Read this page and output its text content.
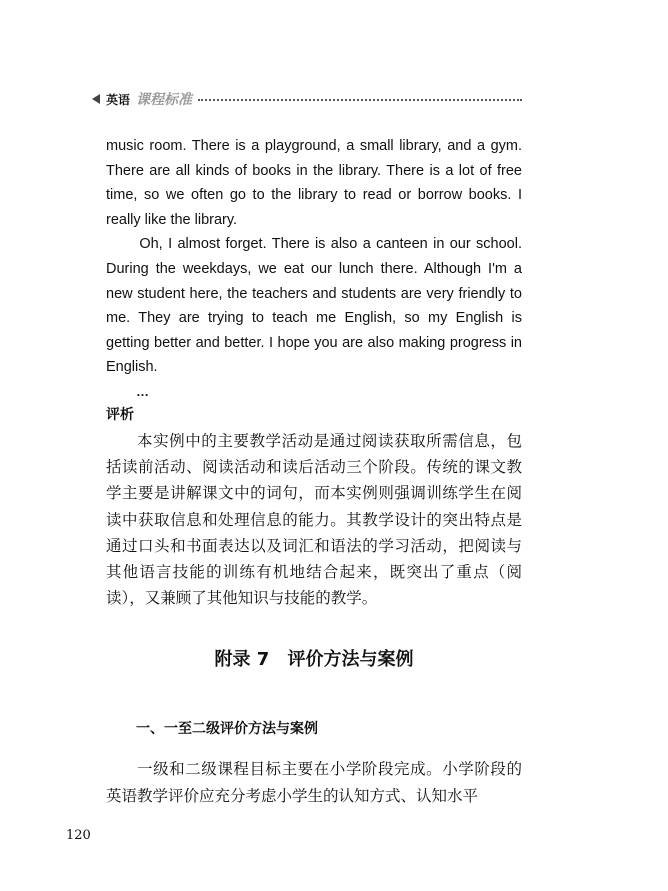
英语 课程标准

music room. There is a playground, a small library, and a gym. There are all kinds of books in the library. There is a lot of free time, so we often go to the library to read or borrow books. I really like the library.

Oh, I almost forget. There is also a canteen in our school. During the weekdays, we eat our lunch there. Although I'm a new student here, the teachers and students are very friendly to me. They are trying to teach me English, so my English is getting better and better. I hope you are also making progress in English.

…
评析

本实例中的主要教学活动是通过阅读获取所需信息，包括读前活动、阅读活动和读后活动三个阶段。传统的课文教学主要是讲解课文中的词句，而本实例则强调训练学生在阅读中获取信息和处理信息的能力。其教学设计的突出特点是通过口头和书面表达以及词汇和语法的学习活动，把阅读与其他语言技能的训练有机地结合起来，既突出了重点（阅读），又兼顾了其他知识与技能的教学。

附录 7 评价方法与案例
一、一至二级评价方法与案例

一级和二级课程目标主要在小学阶段完成。小学阶段的英语教学评价应充分考虑小学生的认知方式、认知水平

120
